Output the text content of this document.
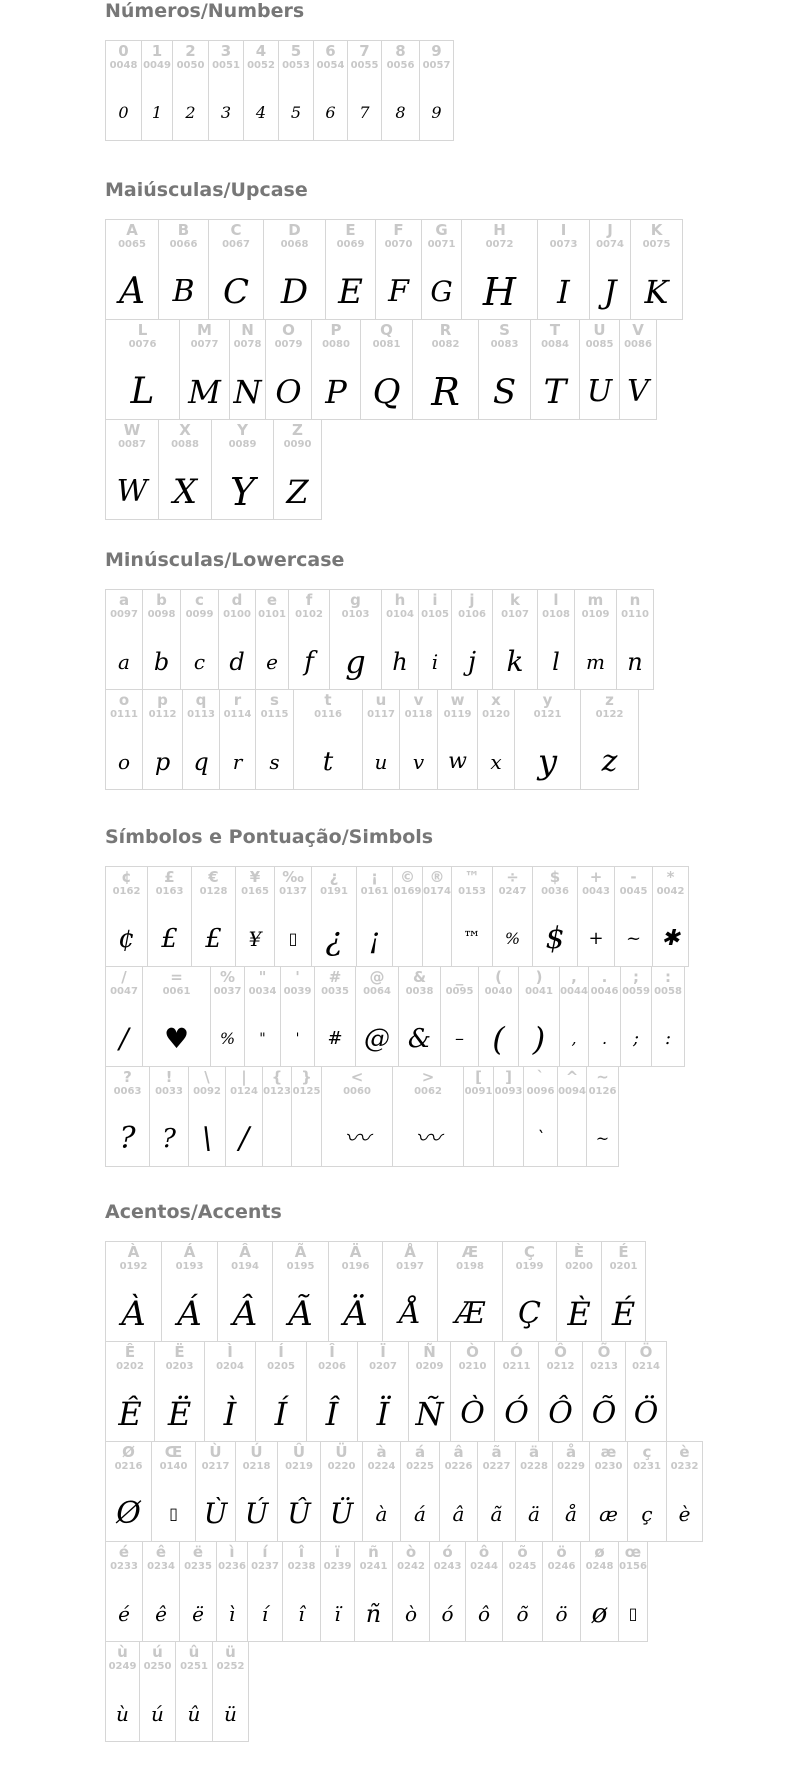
Números/Numbers
0
0048
0
1
0049
1
2
0050
2
3
0051
3
4
0052
4
5
0053
5
6
0054
6
7
0055
7
8
0056
8
9
0057
9
Maiúsculas/Upcase
A
0065
A
B
0066
B
C
0067
C
D
0068
D
E
0069
E
F
0070
F
G
0071
G
H
0072
H
I
0073
I
J
0074
J
K
0075
K
L
0076
L
M
0077
M
N
0078
N
O
0079
O
P
0080
P
Q
0081
Q
R
0082
R
S
0083
S
T
0084
T
U
0085
U
V
0086
V
W
0087
W
X
0088
X
Y
0089
Y
Z
0090
Z
Minúsculas/Lowercase
a
0097
a
b
0098
b
c
0099
c
d
0100
d
e
0101
e
f
0102
f
g
0103
g
h
0104
h
i
0105
i
j
0106
j
k
0107
k
l
0108
l
m
0109
m
n
0110
n
o
0111
o
p
0112
p
q
0113
q
r
0114
r
s
0115
s
t
0116
t
u
0117
u
v
0118
v
w
0119
w
x
0120
x
y
0121
y
z
0122
z
Símbolos e Pontuação/Simbols
¢
0162
¢
£
0163
£
€
0128
£
¥
0165
¥
‰
0137
▯
¿
0191
¿
¡
0161
¡
©
0169
®
0174
™
0153
™
÷
0247
%
$
0036
$
+
0043
+
-
0045
~
*
0042
✱
/
0047
/
=
0061
♥
%
0037
%
"
0034
"
'
0039
'
#
0035
#
@
0064
@
&
0038
&
_
0095
–
(
0040
(
)
0041
)
,
0044
,
.
0046
.
;
0059
;
:
0058
:
?
0063
?
!
0033
?
\
0092
\
|
0124
/
{
0123
}
0125
<
0060
〰
>
0062
〰
[
0091
]
0093
`
0096
`
^
0094
~
0126
~
Acentos/Accents
À
0192
À
Á
0193
Á
Â
0194
Â
Ã
0195
Ã
Ä
0196
Ä
Å
0197
Å
Æ
0198
Æ
Ç
0199
Ç
È
0200
È
É
0201
É
Ê
0202
Ê
Ë
0203
Ë
Ì
0204
Ì
Í
0205
Í
Î
0206
Î
Ï
0207
Ï
Ñ
0209
Ñ
Ò
0210
Ò
Ó
0211
Ó
Ô
0212
Ô
Õ
0213
Õ
Ö
0214
Ö
Ø
0216
Ø
Œ
0140
▯
Ù
0217
Ù
Ú
0218
Ú
Û
0219
Û
Ü
0220
Ü
à
0224
à
á
0225
á
â
0226
â
ã
0227
ã
ä
0228
ä
å
0229
å
æ
0230
æ
ç
0231
ç
è
0232
è
é
0233
é
ê
0234
ê
ë
0235
ë
ì
0236
ì
í
0237
í
î
0238
î
ï
0239
ï
ñ
0241
ñ
ò
0242
ò
ó
0243
ó
ô
0244
ô
õ
0245
õ
ö
0246
ö
ø
0248
ø
œ
0156
▯
ù
0249
ù
ú
0250
ú
û
0251
û
ü
0252
ü
